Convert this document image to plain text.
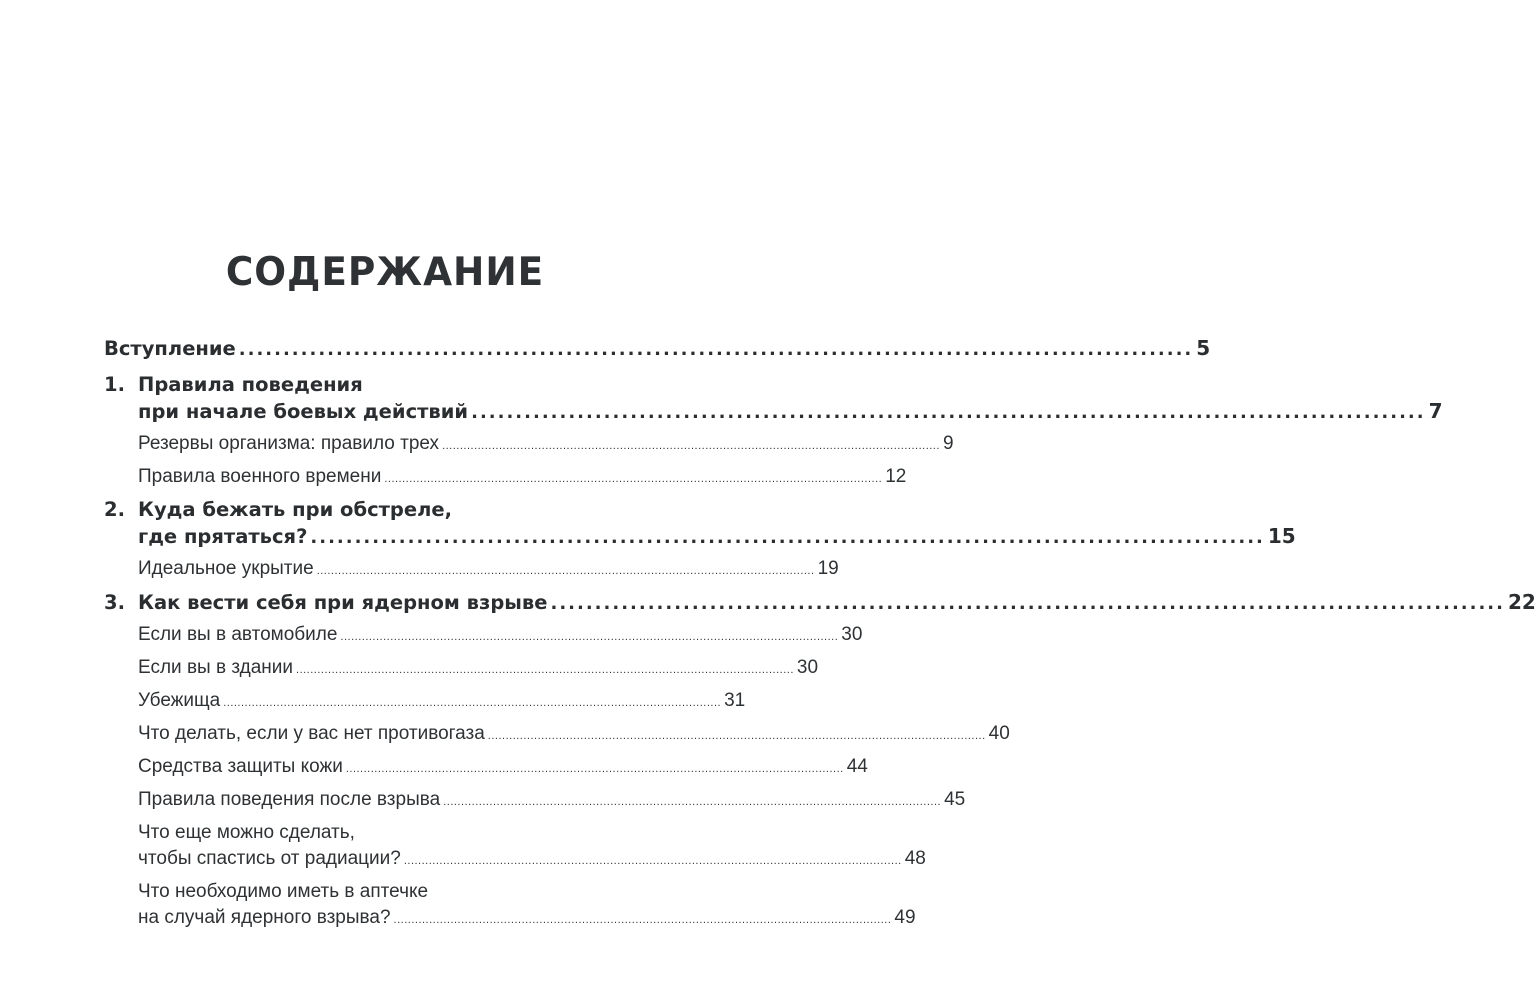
СОДЕРЖАНИЕ
Вступление ............................................................................................................ 5
1. Правила поведения
при начале боевых действий ............................................................................................................ 7
Резервы организма: правило трех ............................................................................................................................................ 9
Правила военного времени ............................................................................................................................................ 12
2. Куда бежать при обстреле,
где прятаться? ............................................................................................................ 15
Идеальное укрытие ............................................................................................................................................ 19
3. Как вести себя при ядерном взрыве ............................................................................................................ 22
Если вы в автомобиле ............................................................................................................................................ 30
Если вы в здании ............................................................................................................................................ 30
Убежища ............................................................................................................................................ 31
Что делать, если у вас нет противогаза ............................................................................................................................................ 40
Средства защиты кожи ............................................................................................................................................ 44
Правила поведения после взрыва ............................................................................................................................................ 45
Что еще можно сделать,
чтобы спастись от радиации? ............................................................................................................................................ 48
Что необходимо иметь в аптечке
на случай ядерного взрыва? ............................................................................................................................................ 49
